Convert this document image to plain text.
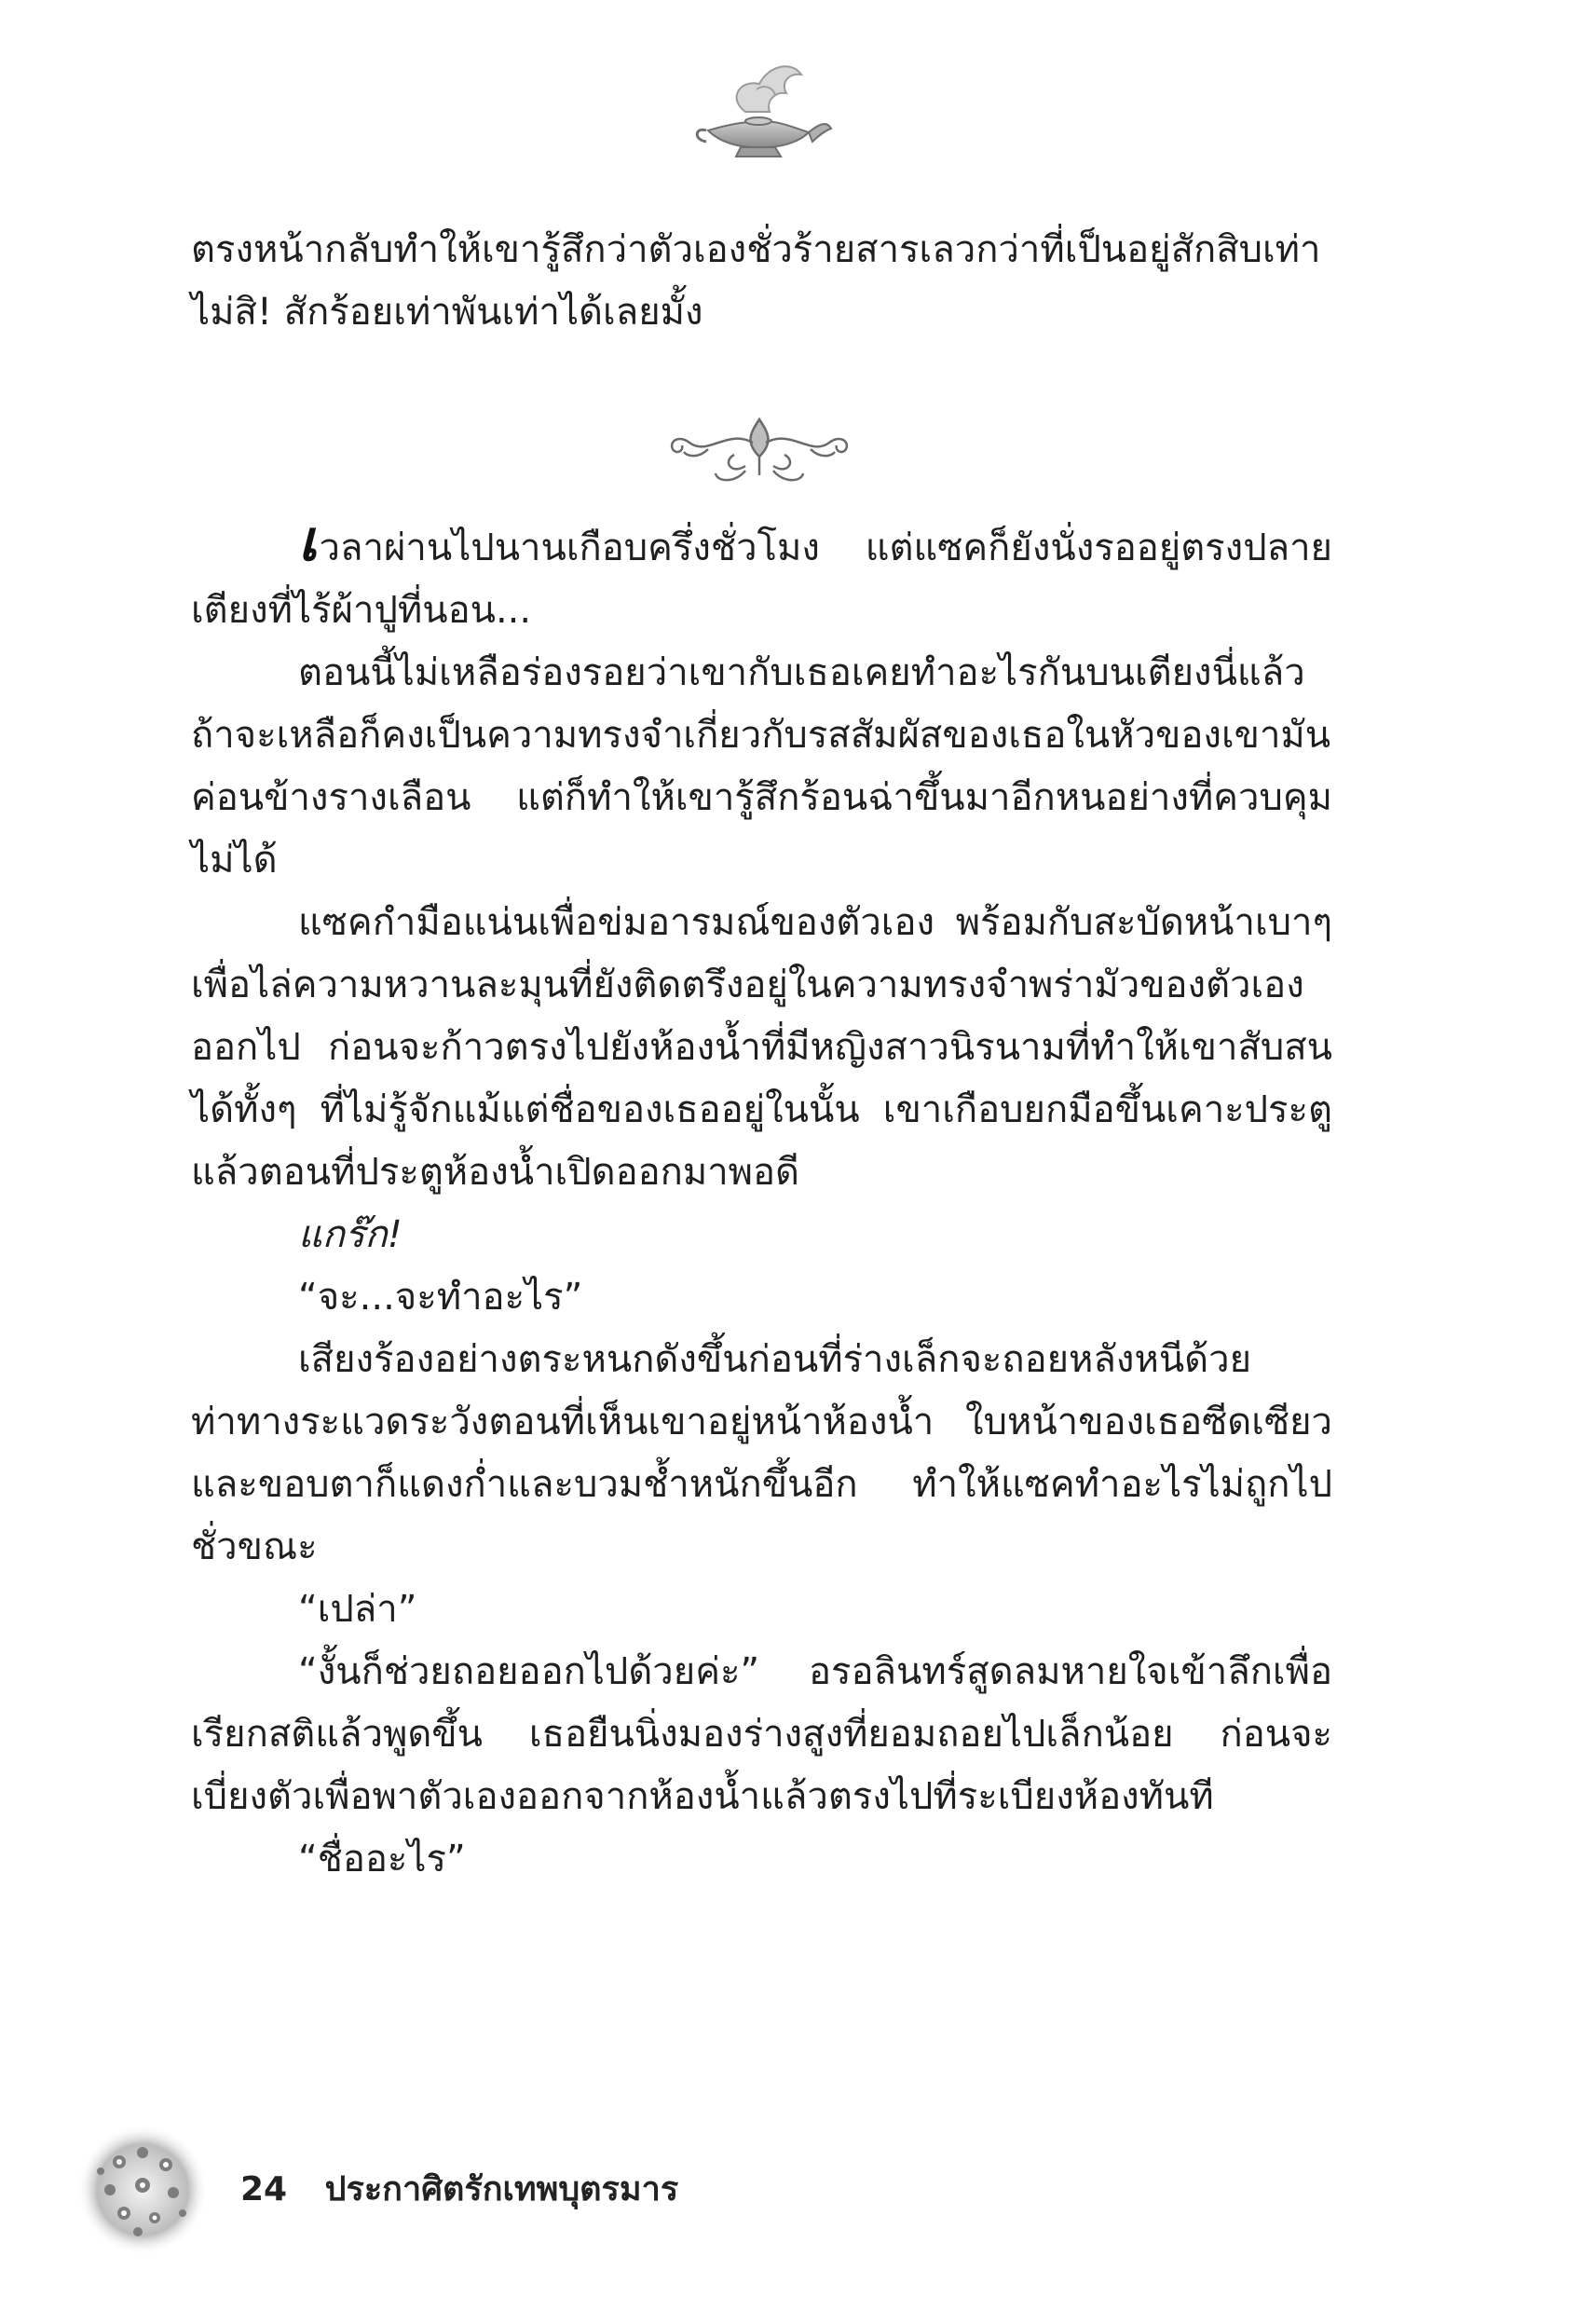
ตรงหน้ากลับทำให้เขารู้สึกว่าตัวเองชั่วร้ายสารเลวกว่าที่เป็นอยู่สักสิบเท่า ไม่สิ! สักร้อยเท่าพันเท่าได้เลยมั้ง

เวลาผ่านไปนานเกือบครึ่งชั่วโมง แต่แซคก็ยังนั่งรออยู่ตรงปลายเตียงที่ไร้ผ้าปูที่นอน...

ตอนนี้ไม่เหลือร่องรอยว่าเขากับเธอเคยทำอะไรกันบนเตียงนี่แล้ว ถ้าจะเหลือก็คงเป็นความทรงจำเกี่ยวกับรสสัมผัสของเธอในหัวของเขามันค่อนข้างรางเลือน แต่ก็ทำให้เขารู้สึกร้อนฉ่าขึ้นมาอีกหนอย่างที่ควบคุมไม่ได้

แซคกำมือแน่นเพื่อข่มอารมณ์ของตัวเอง พร้อมกับสะบัดหน้าเบาๆ เพื่อไล่ความหวานละมุนที่ยังติดตรึงอยู่ในความทรงจำพร่ามัวของตัวเองออกไป ก่อนจะก้าวตรงไปยังห้องน้ำที่มีหญิงสาวนิรนามที่ทำให้เขาสับสนได้ทั้งๆ ที่ไม่รู้จักแม้แต่ชื่อของเธออยู่ในนั้น เขาเกือบยกมือขึ้นเคาะประตูแล้วตอนที่ประตูห้องน้ำเปิดออกมาพอดี

แกร๊ก!

“จะ...จะทำอะไร”

เสียงร้องอย่างตระหนกดังขึ้นก่อนที่ร่างเล็กจะถอยหลังหนีด้วยท่าทางระแวดระวังตอนที่เห็นเขาอยู่หน้าห้องน้ำ ใบหน้าของเธอซีดเซียวและขอบตาก็แดงก่ำและบวมช้ำหนักขึ้นอีก ทำให้แซคทำอะไรไม่ถูกไปชั่วขณะ

“เปล่า”

“งั้นก็ช่วยถอยออกไปด้วยค่ะ” อรอลินทร์สูดลมหายใจเข้าลึกเพื่อเรียกสติแล้วพูดขึ้น เธอยืนนิ่งมองร่างสูงที่ยอมถอยไปเล็กน้อย ก่อนจะเบี่ยงตัวเพื่อพาตัวเองออกจากห้องน้ำแล้วตรงไปที่ระเบียงห้องทันที

“ชื่ออะไร”

24 ประกาศิตรักเทพบุตรมาร
